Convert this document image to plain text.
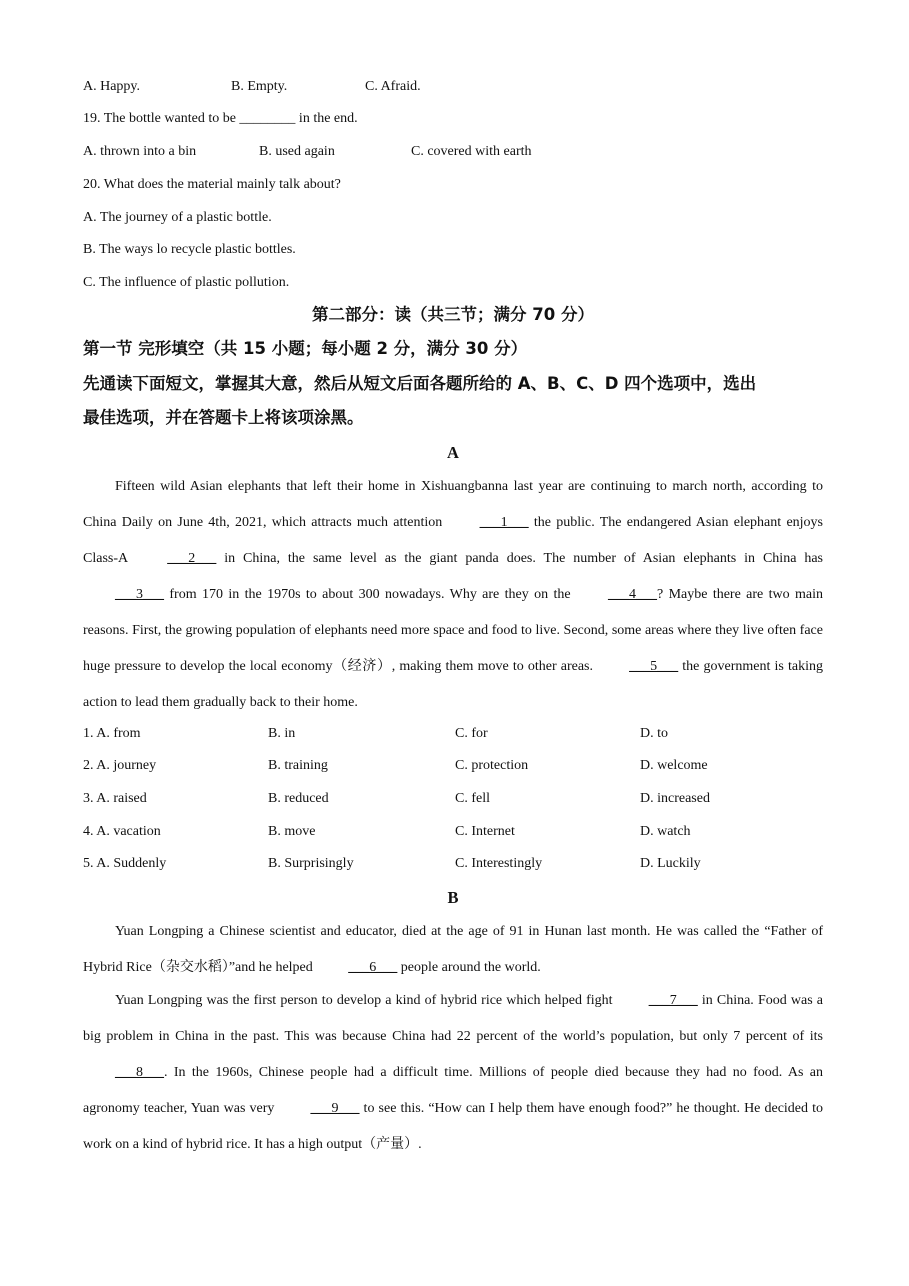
A. Happy.	B. Empty.	C. Afraid.
19. The bottle wanted to be ________ in the end.
A. thrown into a bin	B. used again	C. covered with earth
20. What does the material mainly talk about?
A. The journey of a plastic bottle.
B. The ways lo recycle plastic bottles.
C. The influence of plastic pollution.
第二部分：读（共三节；满分 70 分）
第一节 完形填空（共 15 小题；每小题 2 分，满分 30 分）
先通读下面短文，掌握其大意，然后从短文后面各题所给的 A、B、C、D 四个选项中，选出
最佳选项，并在答题卡上将该项涂黑。
A

Fifteen wild Asian elephants that left their home in Xishuangbanna last year are continuing to march north, according to China Daily on June 4th, 2021, which attracts much attention ___1___ the public. The endangered Asian elephant enjoys Class-A ___2___ in China, the same level as the giant panda does. The number of Asian elephants in China has ___3___ from 170 in the 1970s to about 300 nowadays. Why are they on the ___4___? Maybe there are two main reasons. First, the growing population of elephants need more space and food to live. Second, some areas where they live often face huge pressure to develop the local economy（经济）, making them move to other areas. ___5___ the government is taking action to lead them gradually back to their home.

1. A. from	B. in	C. for	D. to
2. A. journey	B. training	C. protection	D. welcome
3. A. raised	B. reduced	C. fell	D. increased
4. A. vacation	B. move	C. Internet	D. watch
5. A. Suddenly	B. Surprisingly	C. Interestingly	D. Luckily
B

Yuan Longping a Chinese scientist and educator, died at the age of 91 in Hunan last month. He was called the “Father of Hybrid Rice（杂交水稻）”and he helped ___6___ people around the world.

Yuan Longping was the first person to develop a kind of hybrid rice which helped fight ___7___ in China. Food was a big problem in China in the past. This was because China had 22 percent of the world’s population, but only 7 percent of its ___8___. In the 1960s, Chinese people had a difficult time. Millions of people died because they had no food. As an agronomy teacher, Yuan was very ___9___ to see this. “How can I help them have enough food?” he thought. He decided to work on a kind of hybrid rice. It has a high output（产量）.
